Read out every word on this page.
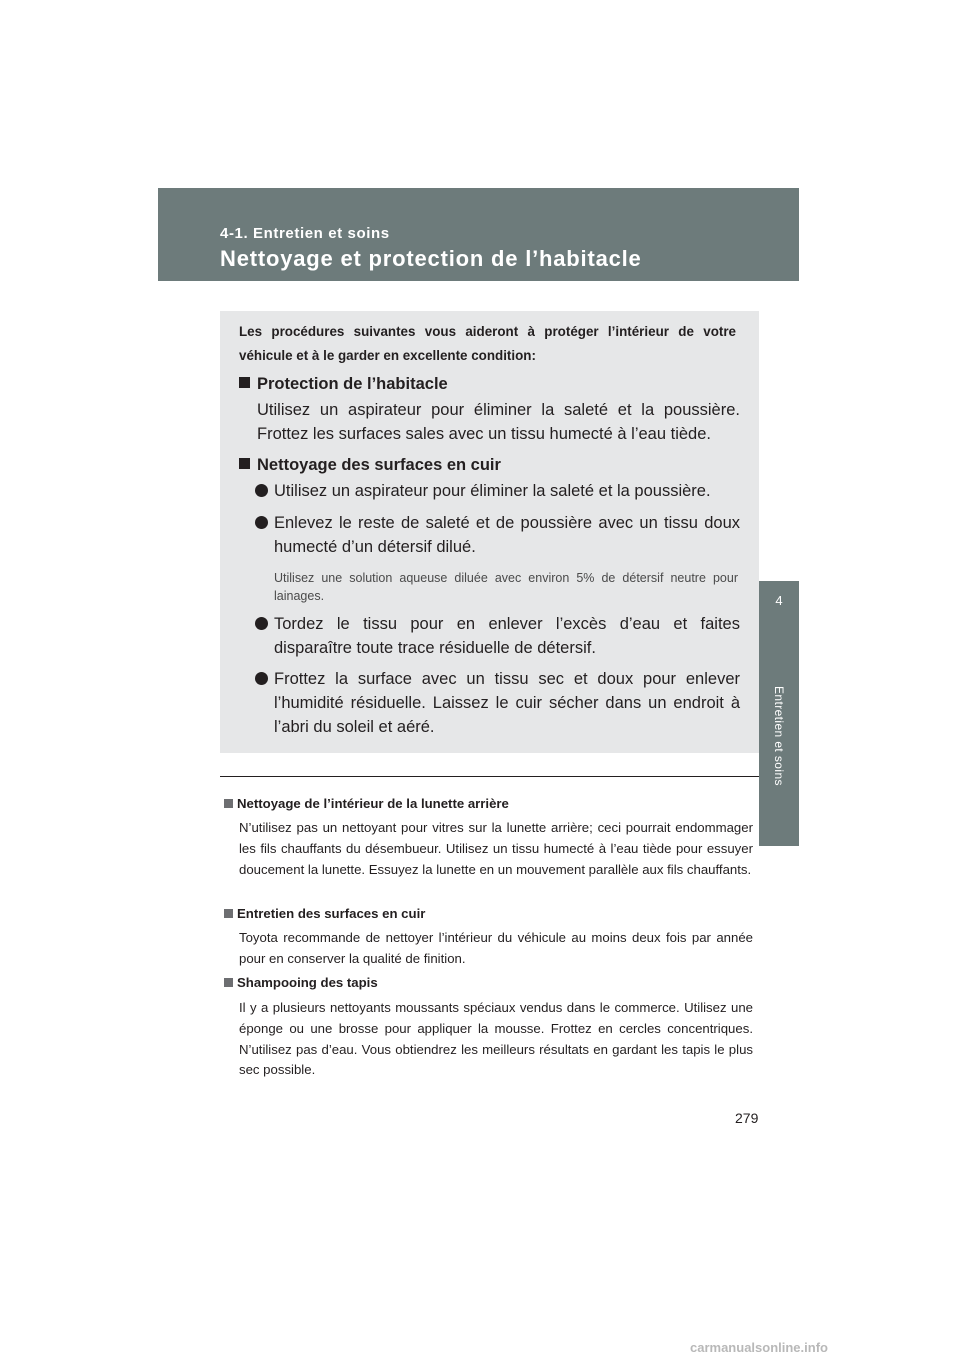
4-1. Entretien et soins
Nettoyage et protection de l’habitacle
4
Entretien et soins
Les procédures suivantes vous aideront à protéger l’intérieur de votre véhicule et à le garder en excellente condition:
Protection de l’habitacle
Utilisez un aspirateur pour éliminer la saleté et la poussière. Frottez les surfaces sales avec un tissu humecté à l’eau tiède.
Nettoyage des surfaces en cuir
Utilisez un aspirateur pour éliminer la saleté et la poussière.
Enlevez le reste de saleté et de poussière avec un tissu doux humecté d’un détersif dilué.
Utilisez une solution aqueuse diluée avec environ 5% de détersif neutre pour lainages.
Tordez le tissu pour en enlever l’excès d’eau et faites disparaître toute trace résiduelle de détersif.
Frottez la surface avec un tissu sec et doux pour enlever l’humidité résiduelle. Laissez le cuir sécher dans un endroit à l’abri du soleil et aéré.
Nettoyage de l’intérieur de la lunette arrière
N’utilisez pas un nettoyant pour vitres sur la lunette arrière; ceci pourrait endommager les fils chauffants du désembueur. Utilisez un tissu humecté à l’eau tiède pour essuyer doucement la lunette. Essuyez la lunette en un mouvement parallèle aux fils chauffants.
Entretien des surfaces en cuir
Toyota recommande de nettoyer l’intérieur du véhicule au moins deux fois par année pour en conserver la qualité de finition.
Shampooing des tapis
Il y a plusieurs nettoyants moussants spéciaux vendus dans le commerce. Utilisez une éponge ou une brosse pour appliquer la mousse. Frottez en cercles concentriques. N’utilisez pas d’eau. Vous obtiendrez les meilleurs résultats en gardant les tapis le plus sec possible.
279
carmanualsonline.info
